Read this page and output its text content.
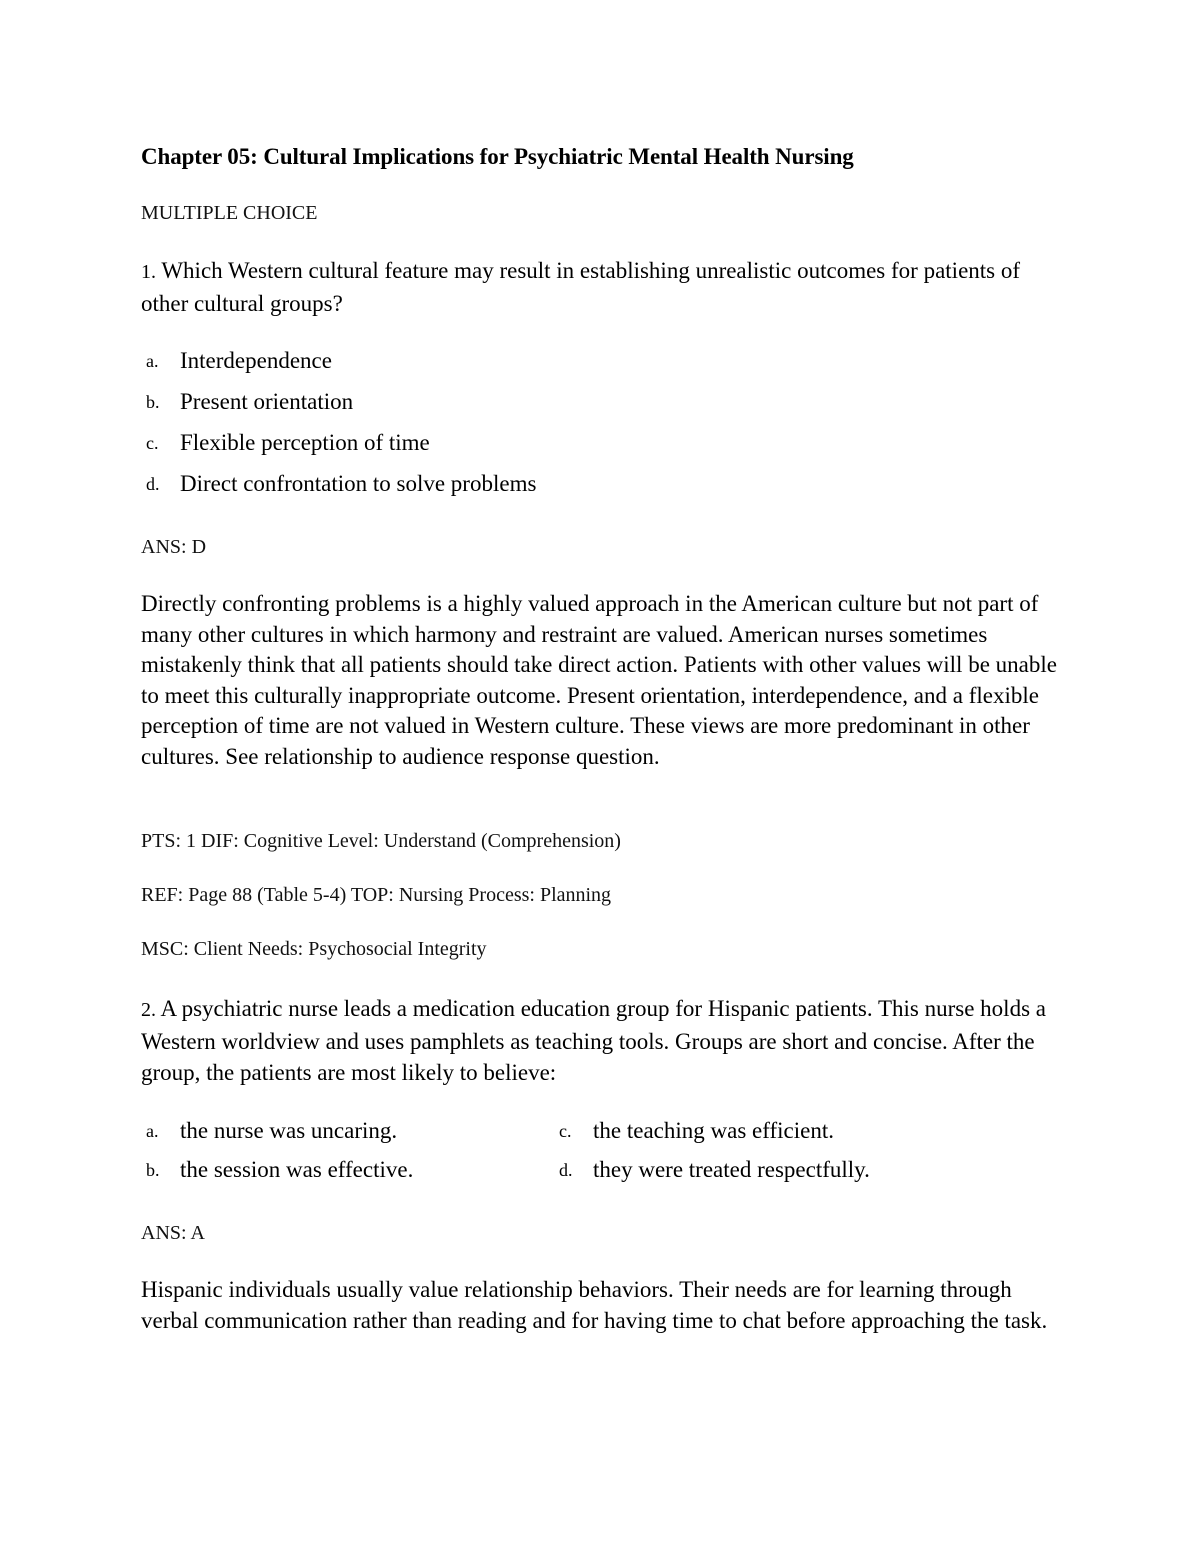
Chapter 05: Cultural Implications for Psychiatric Mental Health Nursing
MULTIPLE CHOICE
1. Which Western cultural feature may result in establishing unrealistic outcomes for patients of other cultural groups?
a. Interdependence
b. Present orientation
c. Flexible perception of time
d. Direct confrontation to solve problems
ANS: D
Directly confronting problems is a highly valued approach in the American culture but not part of many other cultures in which harmony and restraint are valued. American nurses sometimes mistakenly think that all patients should take direct action. Patients with other values will be unable to meet this culturally inappropriate outcome. Present orientation, interdependence, and a flexible perception of time are not valued in Western culture. These views are more predominant in other cultures. See relationship to audience response question.
PTS: 1 DIF: Cognitive Level: Understand (Comprehension)
REF: Page 88 (Table 5-4) TOP: Nursing Process: Planning
MSC: Client Needs: Psychosocial Integrity
2. A psychiatric nurse leads a medication education group for Hispanic patients. This nurse holds a Western worldview and uses pamphlets as teaching tools. Groups are short and concise. After the group, the patients are most likely to believe:
a. the nurse was uncaring.
b. the session was effective.
c. the teaching was efficient.
d. they were treated respectfully.
ANS: A
Hispanic individuals usually value relationship behaviors. Their needs are for learning through verbal communication rather than reading and for having time to chat before approaching the task.
